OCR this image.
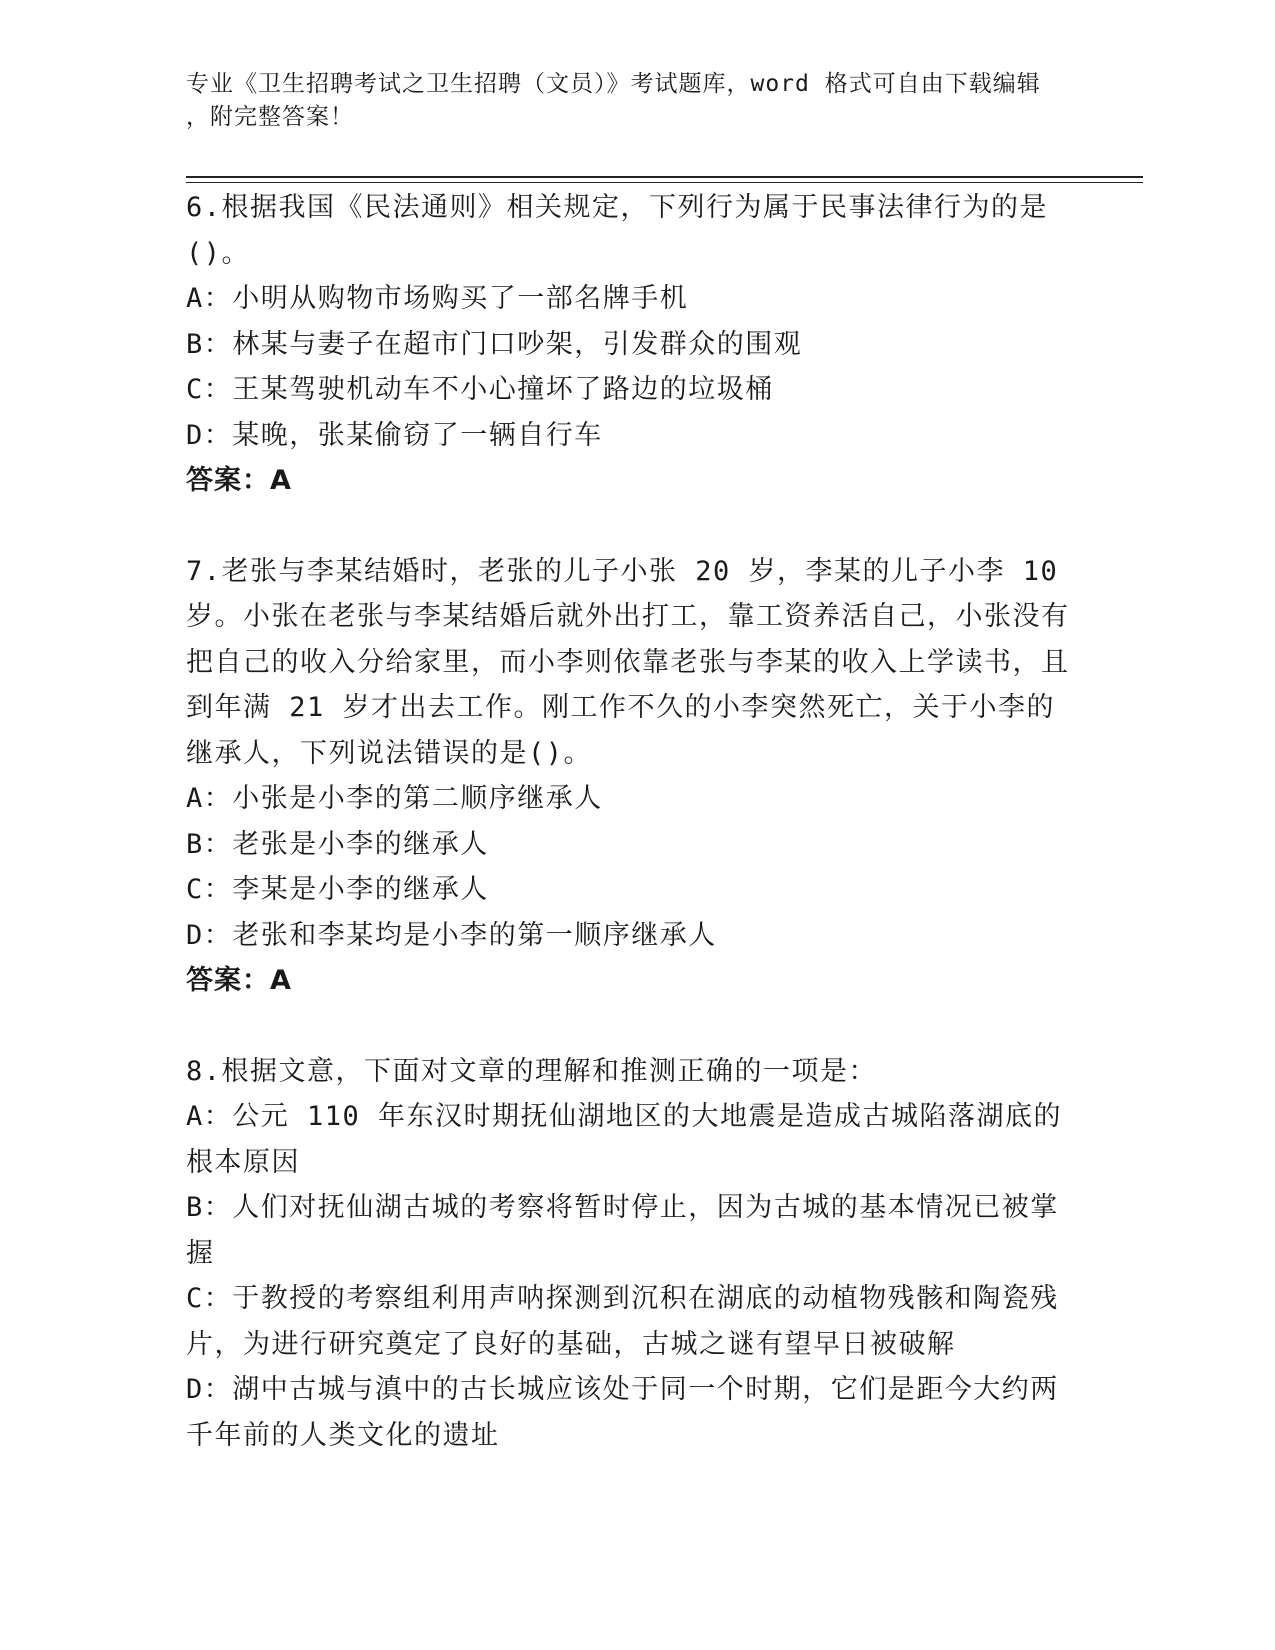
专业《卫生招聘考试之卫生招聘（文员）》考试题库，word 格式可自由下载编辑
，附完整答案！

6.根据我国《民法通则》相关规定，下列行为属于民事法律行为的是()。

A：小明从购物市场购买了一部名牌手机

B：林某与妻子在超市门口吵架，引发群众的围观

C：王某驾驶机动车不小心撞坏了路边的垃圾桶

D：某晚，张某偷窃了一辆自行车

答案：A

7.老张与李某结婚时，老张的儿子小张 20 岁，李某的儿子小李 10 岁。小张在老张与李某结婚后就外出打工，靠工资养活自己，小张没有把自己的收入分给家里，而小李则依靠老张与李某的收入上学读书，且到年满 21 岁才出去工作。刚工作不久的小李突然死亡，关于小李的继承人，下列说法错误的是()。

A：小张是小李的第二顺序继承人

B：老张是小李的继承人

C：李某是小李的继承人

D：老张和李某均是小李的第一顺序继承人

答案：A

8.根据文意，下面对文章的理解和推测正确的一项是：

A：公元 110 年东汉时期抚仙湖地区的大地震是造成古城陷落湖底的根本原因

B：人们对抚仙湖古城的考察将暂时停止，因为古城的基本情况已被掌握

C：于教授的考察组利用声呐探测到沉积在湖底的动植物残骸和陶瓷残片，为进行研究奠定了良好的基础，古城之谜有望早日被破解

D：湖中古城与滇中的古长城应该处于同一个时期，它们是距今大约两千年前的人类文化的遗址
